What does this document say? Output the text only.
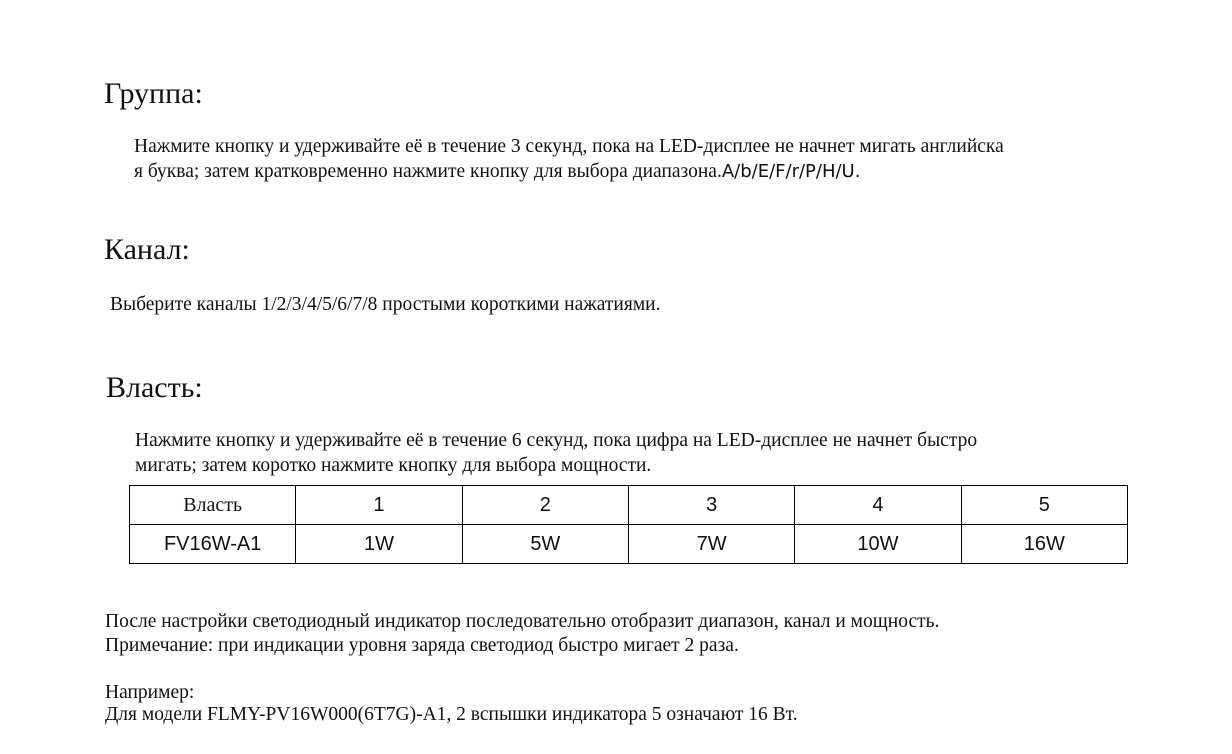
Группа:

Нажмите кнопку и удерживайте её в течение 3 секунд, пока на LED-дисплее не начнет мигать английска

я буква; затем кратковременно нажмите кнопку для выбора диапазона.A/b/E/F/r/P/H/U.

Канал:

Выберите каналы 1/2/3/4/5/6/7/8 простыми короткими нажатиями.

Власть:

Нажмите кнопку и удерживайте её в течение 6 секунд, пока цифра на LED-дисплее не начнет быстро

мигать; затем коротко нажмите кнопку для выбора мощности.

Власть	1	2	3	4	5
FV16W-A1	1W	5W	7W	10W	16W

После настройки светодиодный индикатор последовательно отобразит диапазон, канал и мощность.

Примечание: при индикации уровня заряда светодиод быстро мигает 2 раза.

Например:

Для модели FLMY-PV16W000(6T7G)-A1, 2 вспышки индикатора 5 означают 16 Вт.
